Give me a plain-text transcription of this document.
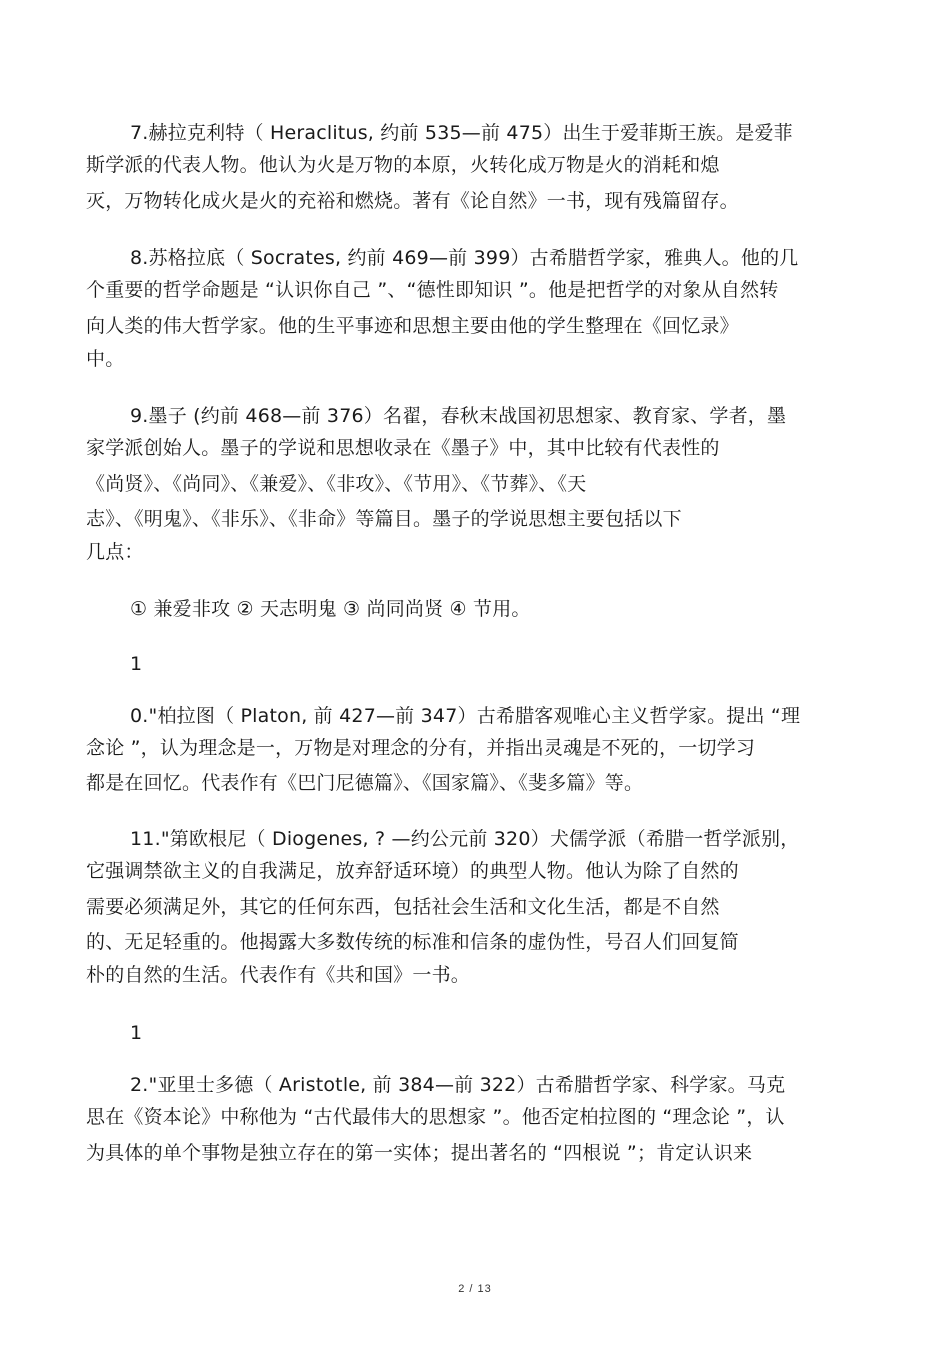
7.赫拉克利特（ Heraclitus, 约前 535—前 475）出生于爱菲斯王族。是爱菲
斯学派的代表人物。他认为火是万物的本原，火转化成万物是火的消耗和熄
灭，万物转化成火是火的充裕和燃烧。著有《论自然》一书，现有残篇留存。
8.苏格拉底（ Socrates, 约前 469—前 399）古希腊哲学家，雅典人。他的几
个重要的哲学命题是 “认识你自己 ”、“德性即知识 ”。他是把哲学的对象从自然转
向人类的伟大哲学家。他的生平事迹和思想主要由他的学生整理在《回忆录》
中。
9.墨子 (约前 468—前 376）名翟，春秋末战国初思想家、教育家、学者，墨
家学派创始人。墨子的学说和思想收录在《墨子》中，其中比较有代表性的
《尚贤》、《尚同》、《兼爱》、《非攻》、《节用》、《节葬》、《天
志》、《明鬼》、《非乐》、《非命》等篇目。墨子的学说思想主要包括以下
几点：
① 兼爱非攻 ② 天志明鬼 ③ 尚同尚贤 ④ 节用。
1
0."柏拉图（ Platon, 前 427—前 347）古希腊客观唯心主义哲学家。提出 “理
念论 ”，认为理念是一，万物是对理念的分有，并指出灵魂是不死的，一切学习
都是在回忆。代表作有《巴门尼德篇》、《国家篇》、《斐多篇》等。
11."第欧根尼（ Diogenes, ? —约公元前 320）犬儒学派（希腊一哲学派别，
它强调禁欲主义的自我满足，放弃舒适环境）的典型人物。他认为除了自然的
需要必须满足外，其它的任何东西，包括社会生活和文化生活，都是不自然
的、无足轻重的。他揭露大多数传统的标准和信条的虚伪性，号召人们回复简
朴的自然的生活。代表作有《共和国》一书。
1
2."亚里士多德（ Aristotle, 前 384—前 322）古希腊哲学家、科学家。马克
思在《资本论》中称他为 “古代最伟大的思想家 ”。他否定柏拉图的 “理念论 ”，认
为具体的单个事物是独立存在的第一实体；提出著名的 “四根说 ”；肯定认识来
2 / 13
